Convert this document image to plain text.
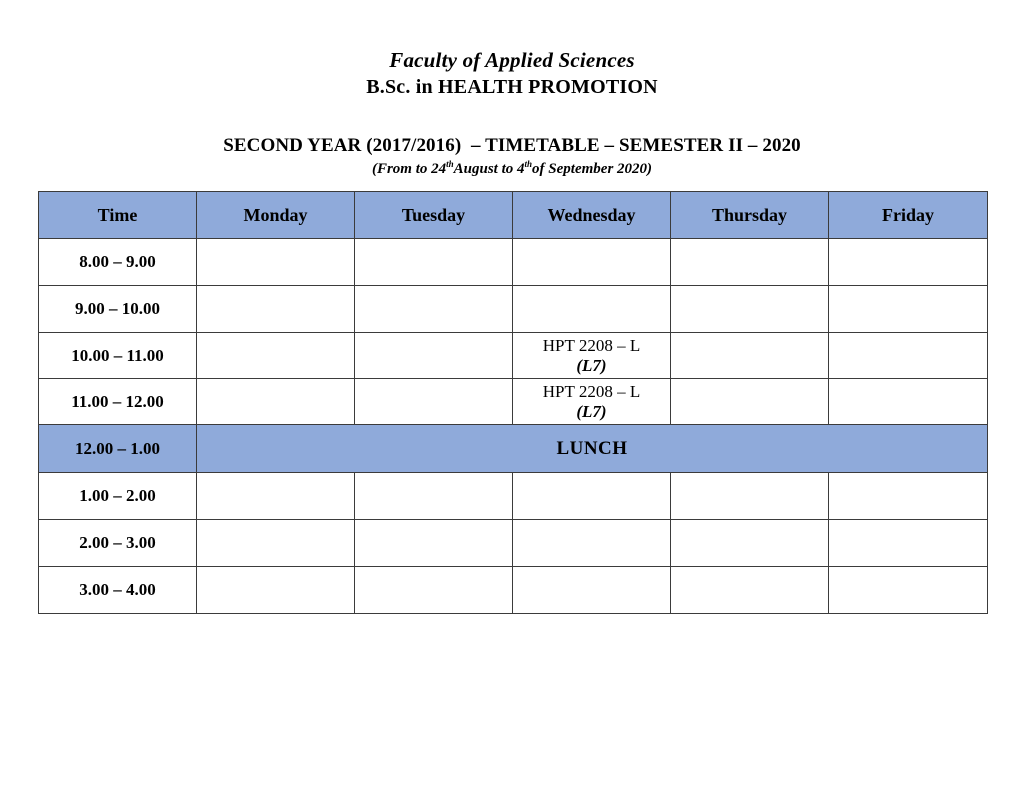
Faculty of Applied Sciences
B.Sc. in HEALTH PROMOTION
SECOND YEAR (2017/2016)  – TIMETABLE – SEMESTER II – 2020
(From to 24thAugust to 4thof September 2020)
Time	Monday	Tuesday	Wednesday	Thursday	Friday
8.00 – 9.00					
9.00 – 10.00					
10.00 – 11.00			HPT 2208 – L
(L7)		

11.00 – 12.00			HPT 2208 – L
(L7)		

12.00 – 1.00	LUNCH				
1.00 – 2.00					
2.00 – 3.00					
3.00 – 4.00					
